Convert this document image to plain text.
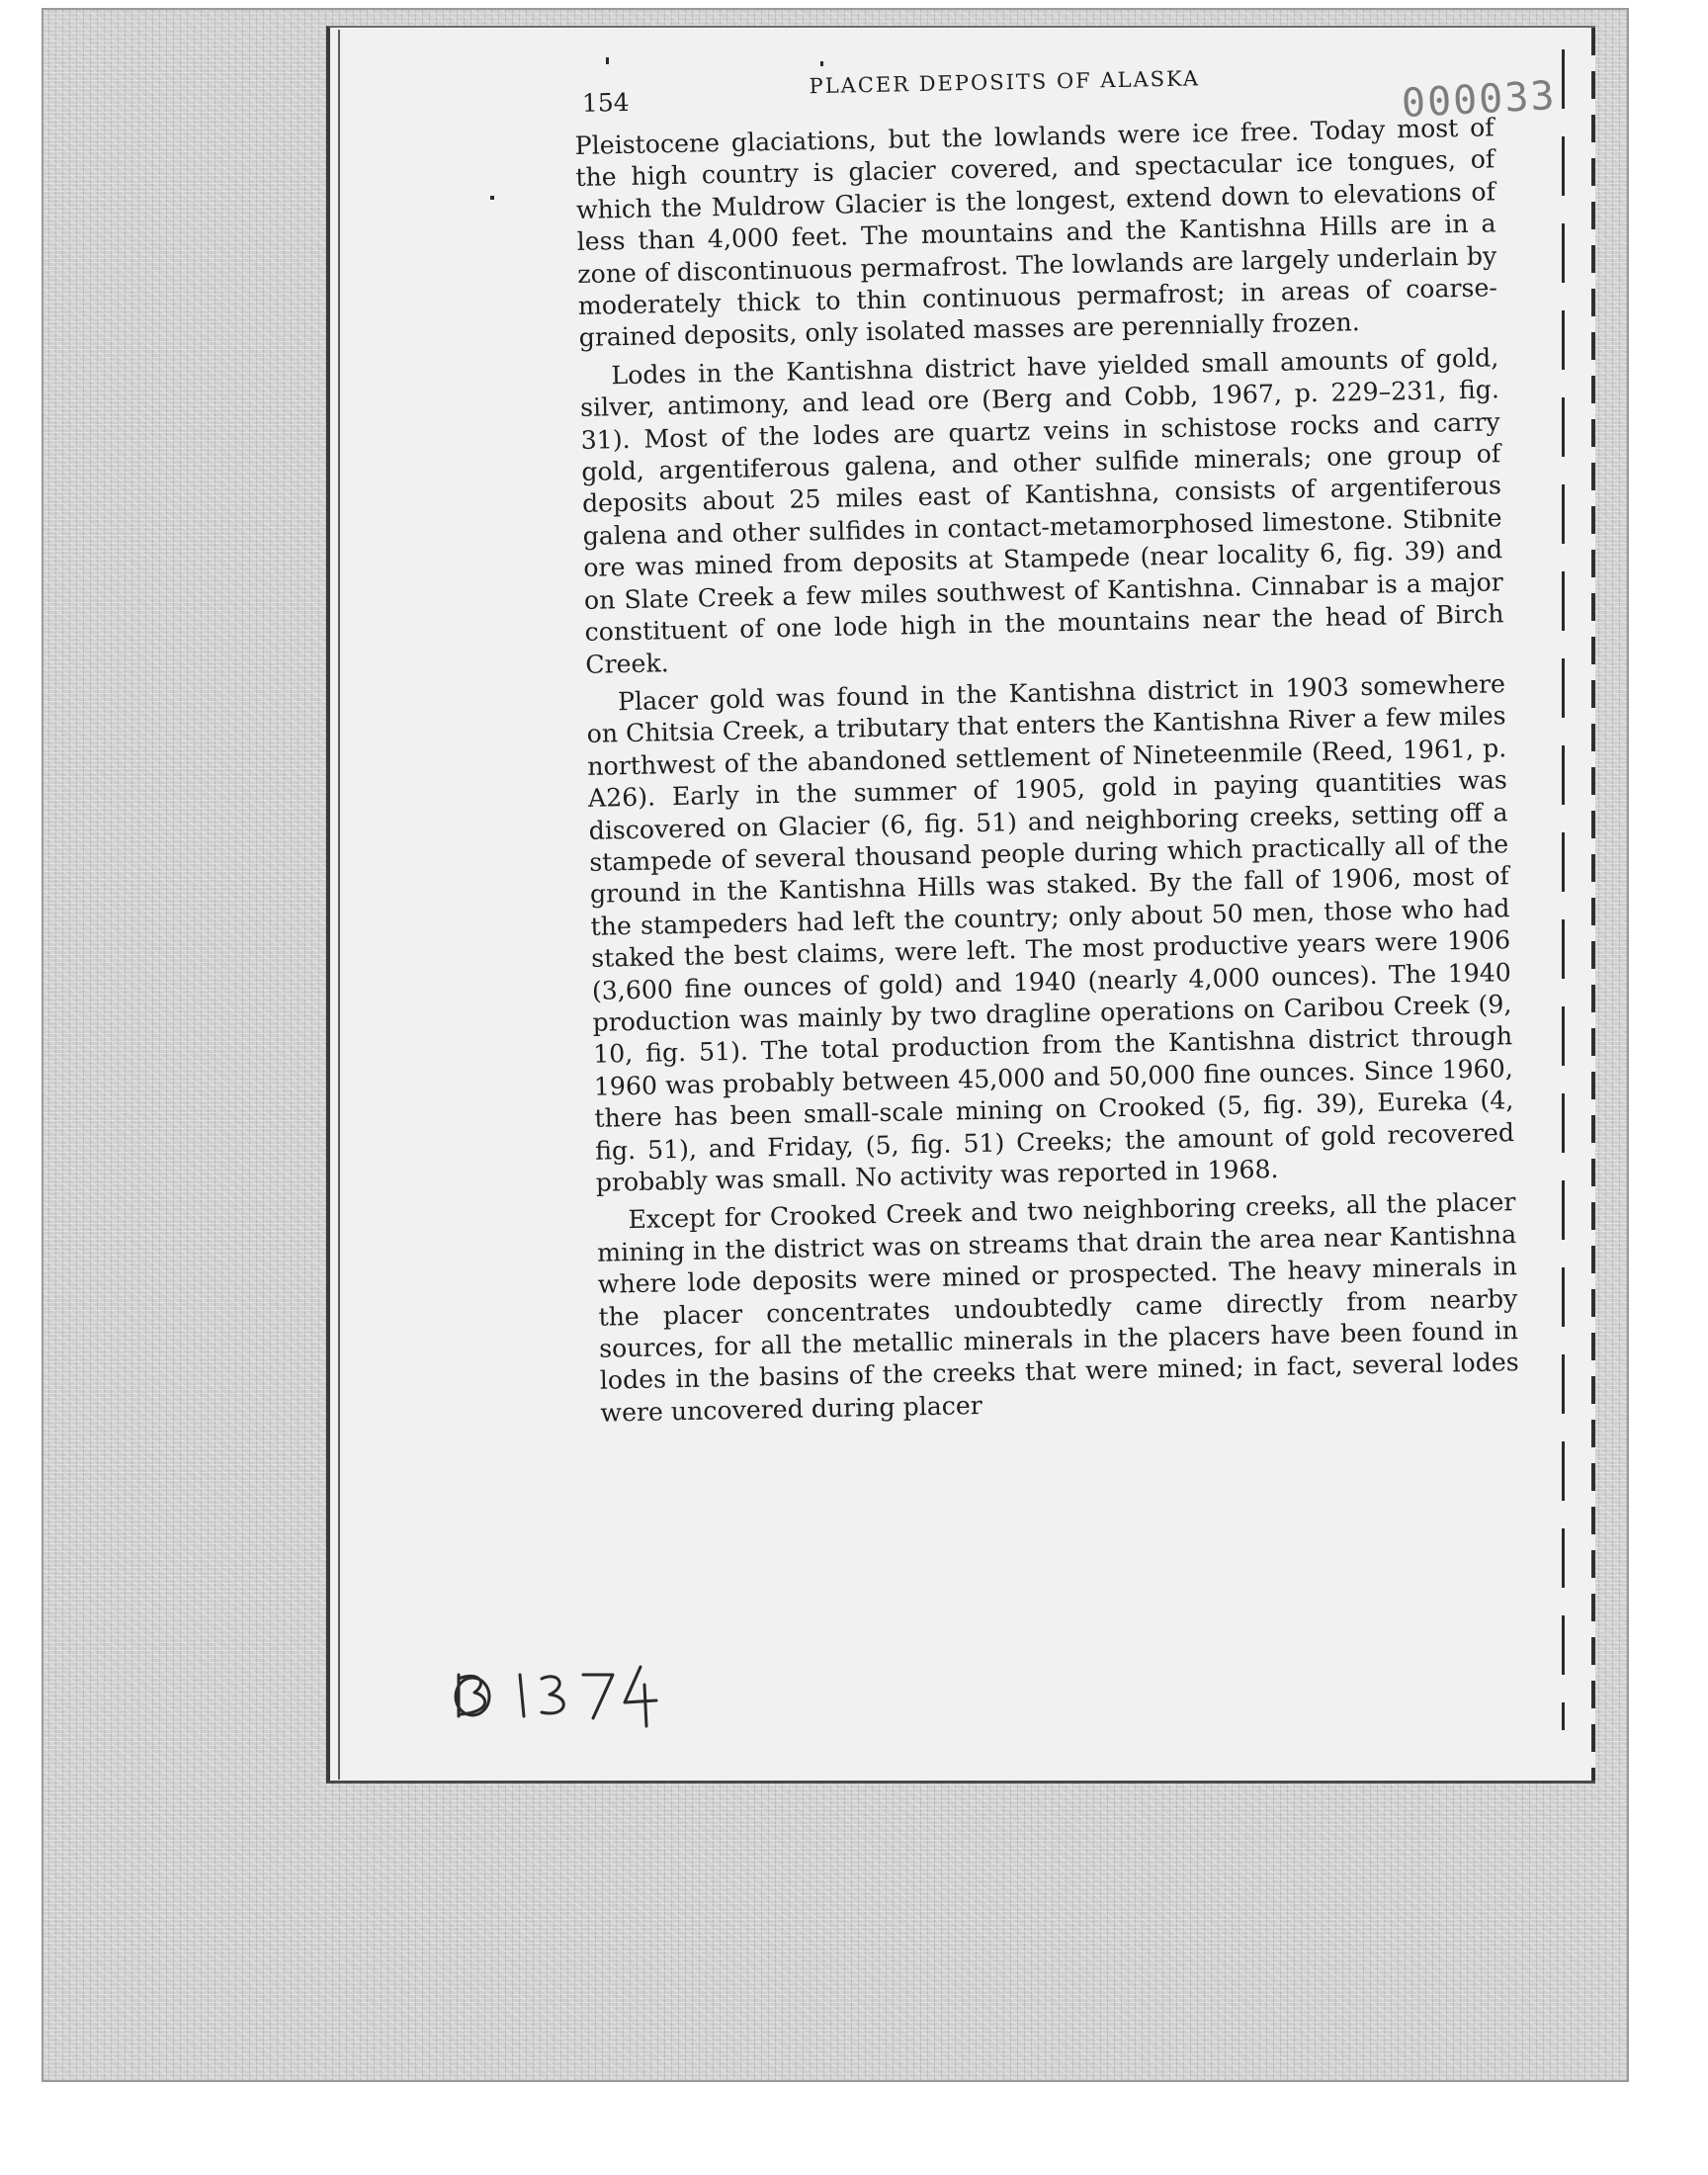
000033
154
PLACER DEPOSITS OF ALASKA

Pleistocene glaciations, but the lowlands were ice free. Today most of the high country is glacier covered, and spectacular ice tongues, of which the Muldrow Glacier is the longest, extend down to elevations of less than 4,000 feet. The mountains and the Kantishna Hills are in a zone of discontinuous permafrost. The lowlands are largely underlain by moderately thick to thin continuous permafrost; in areas of coarse-grained deposits, only isolated masses are perennially frozen.

Lodes in the Kantishna district have yielded small amounts of gold, silver, antimony, and lead ore (Berg and Cobb, 1967, p. 229–231, fig. 31). Most of the lodes are quartz veins in schistose rocks and carry gold, argentiferous galena, and other sulfide minerals; one group of deposits about 25 miles east of Kantishna, consists of argentiferous galena and other sulfides in contact-metamorphosed limestone. Stibnite ore was mined from deposits at Stampede (near locality 6, fig. 39) and on Slate Creek a few miles southwest of Kantishna. Cinnabar is a major constituent of one lode high in the mountains near the head of Birch Creek.

Placer gold was found in the Kantishna district in 1903 somewhere on Chitsia Creek, a tributary that enters the Kantishna River a few miles northwest of the abandoned settlement of Nineteenmile (Reed, 1961, p. A26). Early in the summer of 1905, gold in paying quantities was discovered on Glacier (6, fig. 51) and neighboring creeks, setting off a stampede of several thousand people during which practically all of the ground in the Kantishna Hills was staked. By the fall of 1906, most of the stampeders had left the country; only about 50 men, those who had staked the best claims, were left. The most productive years were 1906 (3,600 fine ounces of gold) and 1940 (nearly 4,000 ounces). The 1940 production was mainly by two dragline operations on Caribou Creek (9, 10, fig. 51). The total production from the Kantishna district through 1960 was probably between 45,000 and 50,000 fine ounces. Since 1960, there has been small-scale mining on Crooked (5, fig. 39), Eureka (4, fig. 51), and Friday, (5, fig. 51) Creeks; the amount of gold recovered probably was small. No activity was reported in 1968.

Except for Crooked Creek and two neighboring creeks, all the placer mining in the district was on streams that drain the area near Kantishna where lode deposits were mined or prospected. The heavy minerals in the placer concentrates undoubtedly came directly from nearby sources, for all the metallic minerals in the placers have been found in lodes in the basins of the creeks that were mined; in fact, several lodes were uncovered during placer
